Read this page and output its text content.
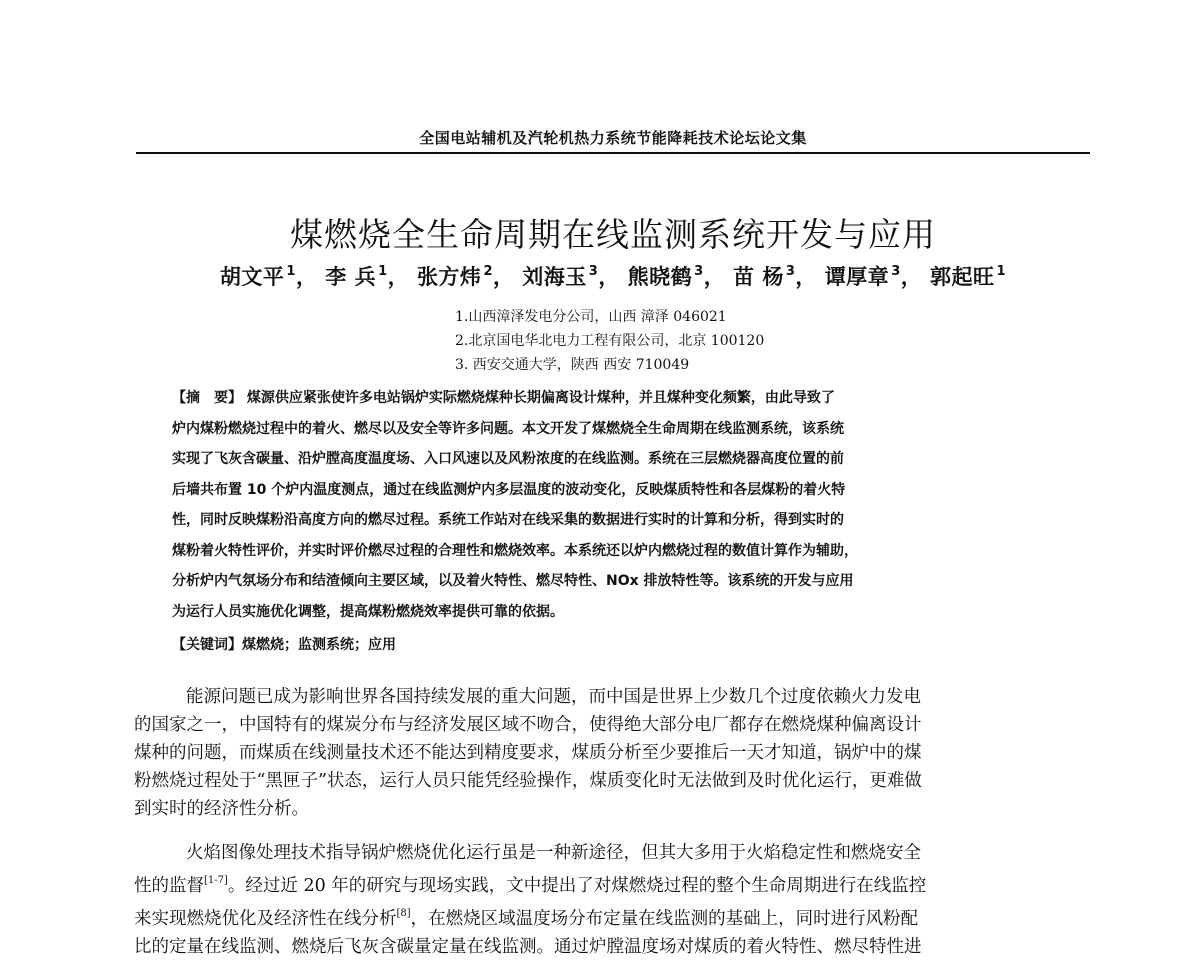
全国电站辅机及汽轮机热力系统节能降耗技术论坛论文集
煤燃烧全生命周期在线监测系统开发与应用
胡文平 $^1$， 李 兵 $^1$， 张方炜 $^2$， 刘海玉 $^3$， 熊晓鹤 $^3$， 苗 杨 $^3$， 谭厚章 $^3$， 郭起旺 $^1$
1.山西漳泽发电分公司，山西 漳泽 046021
2.北京国电华北电力工程有限公司，北京 100120
3. 西安交通大学，陕西 西安 710049
【摘　要】 煤源供应紧张使许多电站锅炉实际燃烧煤种长期偏离设计煤种，并且煤种变化频繁，由此导致了
炉内煤粉燃烧过程中的着火、燃尽以及安全等许多问题。本文开发了煤燃烧全生命周期在线监测系统，该系统
实现了飞灰含碳量、沿炉膛高度温度场、入口风速以及风粉浓度的在线监测。系统在三层燃烧器高度位置的前
后墙共布置 10 个炉内温度测点，通过在线监测炉内多层温度的波动变化，反映煤质特性和各层煤粉的着火特
性，同时反映煤粉沿高度方向的燃尽过程。系统工作站对在线采集的数据进行实时的计算和分析，得到实时的
煤粉着火特性评价，并实时评价燃尽过程的合理性和燃烧效率。本系统还以炉内燃烧过程的数值计算作为辅助，
分析炉内气氛场分布和结渣倾向主要区域，以及着火特性、燃尽特性、NOx 排放特性等。该系统的开发与应用
为运行人员实施优化调整，提高煤粉燃烧效率提供可靠的依据。
【关键词】煤燃烧；监测系统；应用
能源问题已成为影响世界各国持续发展的重大问题，而中国是世界上少数几个过度依赖火力发电
的国家之一，中国特有的煤炭分布与经济发展区域不吻合，使得绝大部分电厂都存在燃烧煤种偏离设计
煤种的问题，而煤质在线测量技术还不能达到精度要求，煤质分析至少要推后一天才知道，锅炉中的煤
粉燃烧过程处于“黑匣子”状态，运行人员只能凭经验操作，煤质变化时无法做到及时优化运行，更难做
到实时的经济性分析。
火焰图像处理技术指导锅炉燃烧优化运行虽是一种新途径，但其大多用于火焰稳定性和燃烧安全
性的监督[1-7]。经过近 20 年的研究与现场实践，文中提出了对煤燃烧过程的整个生命周期进行在线监控
来实现燃烧优化及经济性在线分析[8]，在燃烧区域温度场分布定量在线监测的基础上，同时进行风粉配
比的定量在线监测、燃烧后飞灰含碳量定量在线监测。通过炉膛温度场对煤质的着火特性、燃尽特性进
